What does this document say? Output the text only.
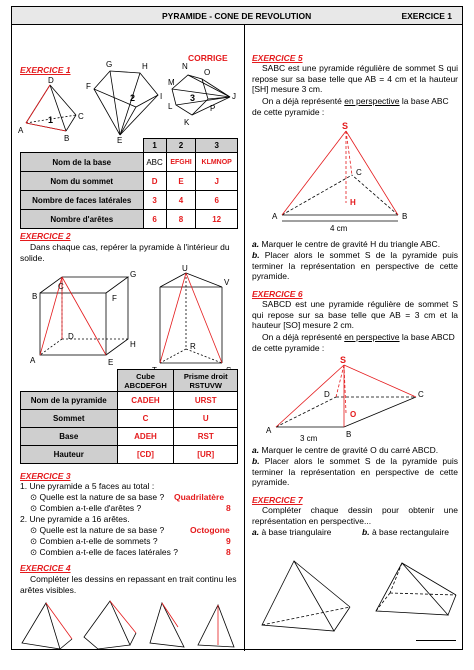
PYRAMIDE - CONE DE REVOLUTION	EXERCICE 1
EXERCICE 1
CORRIGE
D
1
A
B
C
G	H
F
I
2
E
N
M
O
J
3
L
K
P
	1	2	3
Nom de la base	ABC	EFGHI	KLMNOP
Nom du sommet	D	E	J
Nombre de faces latérales	3	4	6
Nombre d'arêtes	6	8	12
EXERCICE 2
Dans chaque cas, repérer la pyramide à l'intérieur du solide.
C
G
B	F
D
H
A	E
U
V
R
	Cube ABCDEFGH	Prisme droit RSTUVW
Nom de la pyramide	CADEH	URST
Sommet	C	U
Base	ADEH	RST
Hauteur	[CD]	[UR]
EXERCICE 3
1. Une pyramide a 5 faces au total :
⊙ Quelle est la nature de sa base ? Quadrilatère
⊙ Combien a-t-elle d'arêtes ?	8
2. Une pyramide a 16 arêtes.
⊙ Quelle est la nature de sa base ?	Octogone
⊙ Combien a-t-elle de sommets ?	9
⊙ Combien a-t-elle de faces latérales ?	8
EXERCICE 4
Compléter les dessins en repassant en trait continu les arêtes visibles.
EXERCICE 5
SABC est une pyramide régulière de sommet S qui repose sur sa base telle que AB = 4 cm et la hauteur [SH] mesure 3 cm.
On a déjà représenté en perspective la base ABC de cette pyramide :
S
C
H
A
4 cm
B
a. Marquer le centre de gravité H du triangle ABC.
b. Placer alors le sommet S de la pyramide puis terminer la représentation en perspective de cette pyramide.
EXERCICE 6
SABCD est une pyramide régulière de sommet S qui repose sur sa base telle que AB = 3 cm et la hauteur [SO] mesure 2 cm.
On a déjà représenté en perspective la base ABCD de cette pyramide :
S
D	C
O
A
3 cm	B
a. Marquer le centre de gravité O du carré ABCD.
b. Placer alors le sommet S de la pyramide puis terminer la représentation en perspective de cette pyramide.
EXERCICE 7
Compléter chaque dessin pour obtenir une représentation en perspective...
a. à base triangulaire	b. à base rectangulaire
